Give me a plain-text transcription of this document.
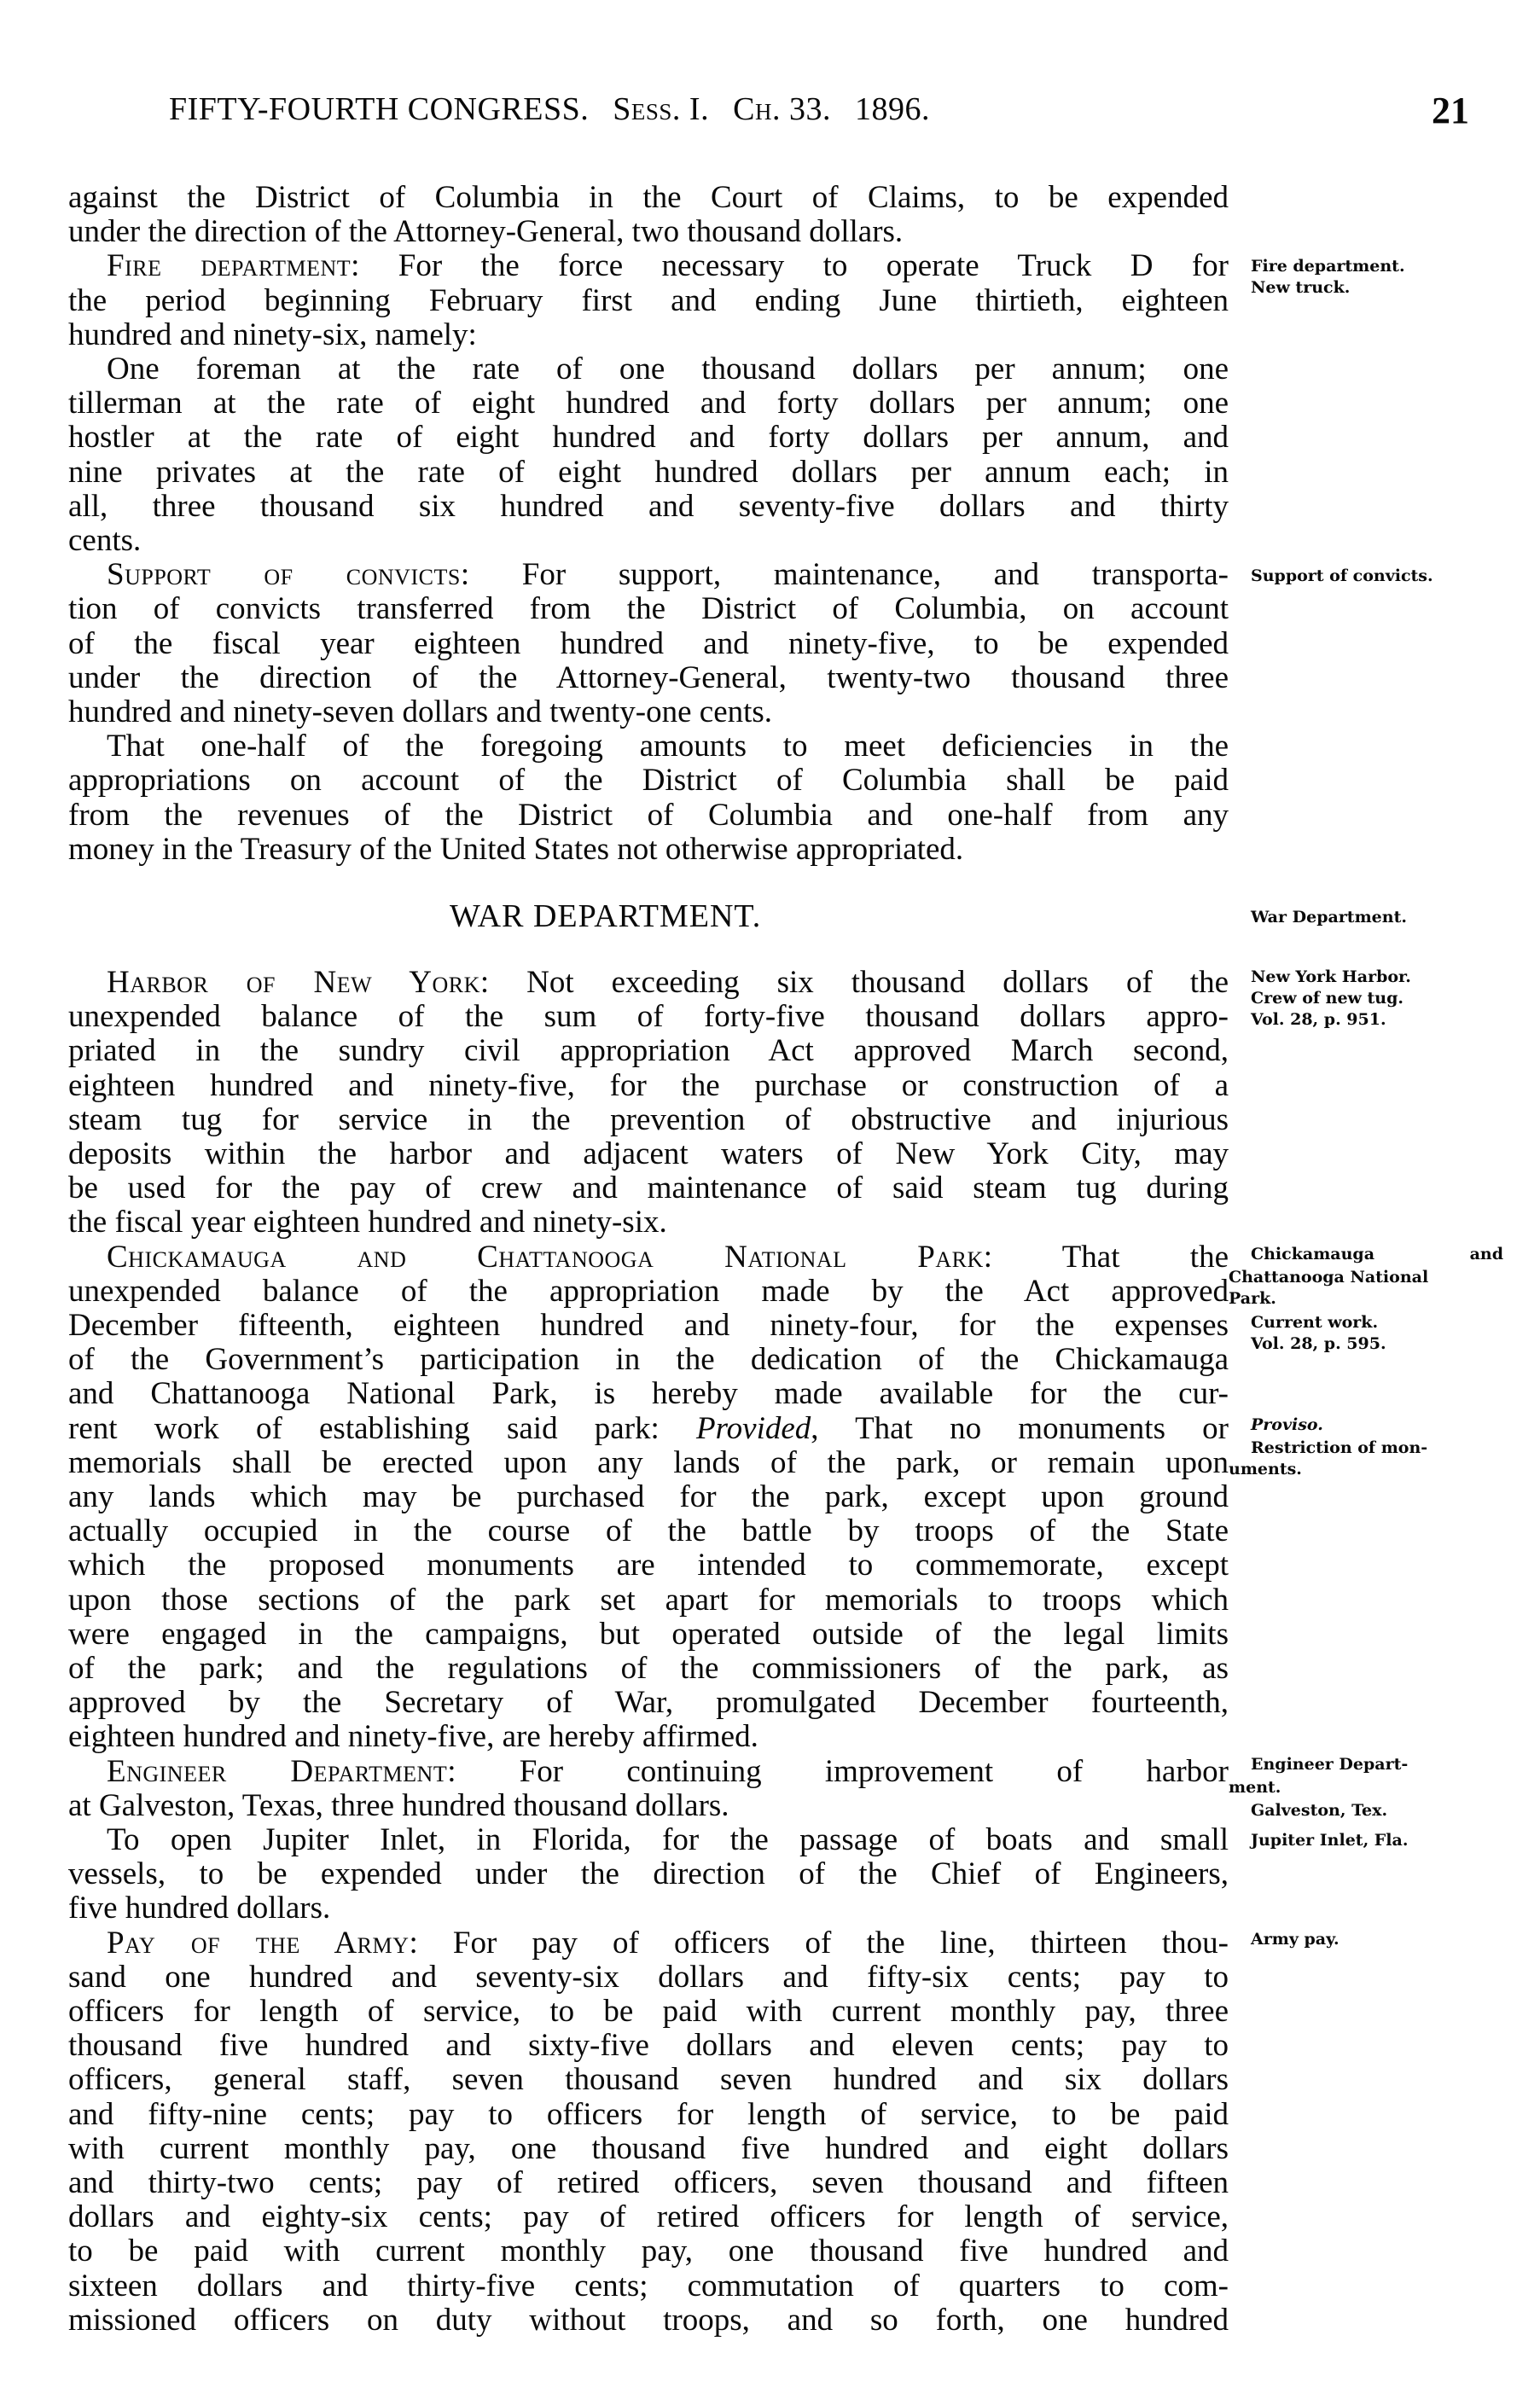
FIFTY-FOURTH CONGRESS. Sess. I. Ch. 33. 1896.	21
against the District of Columbia in the Court of Claims, to be expended
under the direction of the Attorney-General, two thousand dollars.
Fire department: For the force necessary to operate Truck D for
the period beginning February first and ending June thirtieth, eighteen
hundred and ninety-six, namely:
One foreman at the rate of one thousand dollars per annum; one
tillerman at the rate of eight hundred and forty dollars per annum; one
hostler at the rate of eight hundred and forty dollars per annum, and
nine privates at the rate of eight hundred dollars per annum each; in
all, three thousand six hundred and seventy-five dollars and thirty
cents.
Support of convicts: For support, maintenance, and transporta-
tion of convicts transferred from the District of Columbia, on account
of the fiscal year eighteen hundred and ninety-five, to be expended
under the direction of the Attorney-General, twenty-two thousand three
hundred and ninety-seven dollars and twenty-one cents.
That one-half of the foregoing amounts to meet deficiencies in the
appropriations on account of the District of Columbia shall be paid
from the revenues of the District of Columbia and one-half from any
money in the Treasury of the United States not otherwise appropriated.
WAR DEPARTMENT.
Harbor of New York: Not exceeding six thousand dollars of the
unexpended balance of the sum of forty-five thousand dollars appro-
priated in the sundry civil appropriation Act approved March second,
eighteen hundred and ninety-five, for the purchase or construction of a
steam tug for service in the prevention of obstructive and injurious
deposits within the harbor and adjacent waters of New York City, may
be used for the pay of crew and maintenance of said steam tug during
the fiscal year eighteen hundred and ninety-six.
Chickamauga and Chattanooga National Park: That the
unexpended balance of the appropriation made by the Act approved
December fifteenth, eighteen hundred and ninety-four, for the expenses
of the Government’s participation in the dedication of the Chickamauga
and Chattanooga National Park, is hereby made available for the cur-
rent work of establishing said park: Provided, That no monuments or
memorials shall be erected upon any lands of the park, or remain upon
any lands which may be purchased for the park, except upon ground
actually occupied in the course of the battle by troops of the State
which the proposed monuments are intended to commemorate, except
upon those sections of the park set apart for memorials to troops which
were engaged in the campaigns, but operated outside of the legal limits
of the park; and the regulations of the commissioners of the park, as
approved by the Secretary of War, promulgated December fourteenth,
eighteen hundred and ninety-five, are hereby affirmed.
Engineer Department: For continuing improvement of harbor
at Galveston, Texas, three hundred thousand dollars.
To open Jupiter Inlet, in Florida, for the passage of boats and small
vessels, to be expended under the direction of the Chief of Engineers,
five hundred dollars.
Pay of the Army: For pay of officers of the line, thirteen thou-
sand one hundred and seventy-six dollars and fifty-six cents; pay to
officers for length of service, to be paid with current monthly pay, three
thousand five hundred and sixty-five dollars and eleven cents; pay to
officers, general staff, seven thousand seven hundred and six dollars
and fifty-nine cents; pay to officers for length of service, to be paid
with current monthly pay, one thousand five hundred and eight dollars
and thirty-two cents; pay of retired officers, seven thousand and fifteen
dollars and eighty-six cents; pay of retired officers for length of service,
to be paid with current monthly pay, one thousand five hundred and
sixteen dollars and thirty-five cents; commutation of quarters to com-
missioned officers on duty without troops, and so forth, one hundred
Fire department.
New truck.
Support of convicts.
War Department.
New York Harbor.
Crew of new tug.
Vol. 28, p. 951.
Chickamauga and
Chattanooga National
Park.
Current work.
Vol. 28, p. 595.
Proviso.
Restriction of mon-
uments.
Engineer Depart-
ment.
Galveston, Tex.
Jupiter Inlet, Fla.
Army pay.
